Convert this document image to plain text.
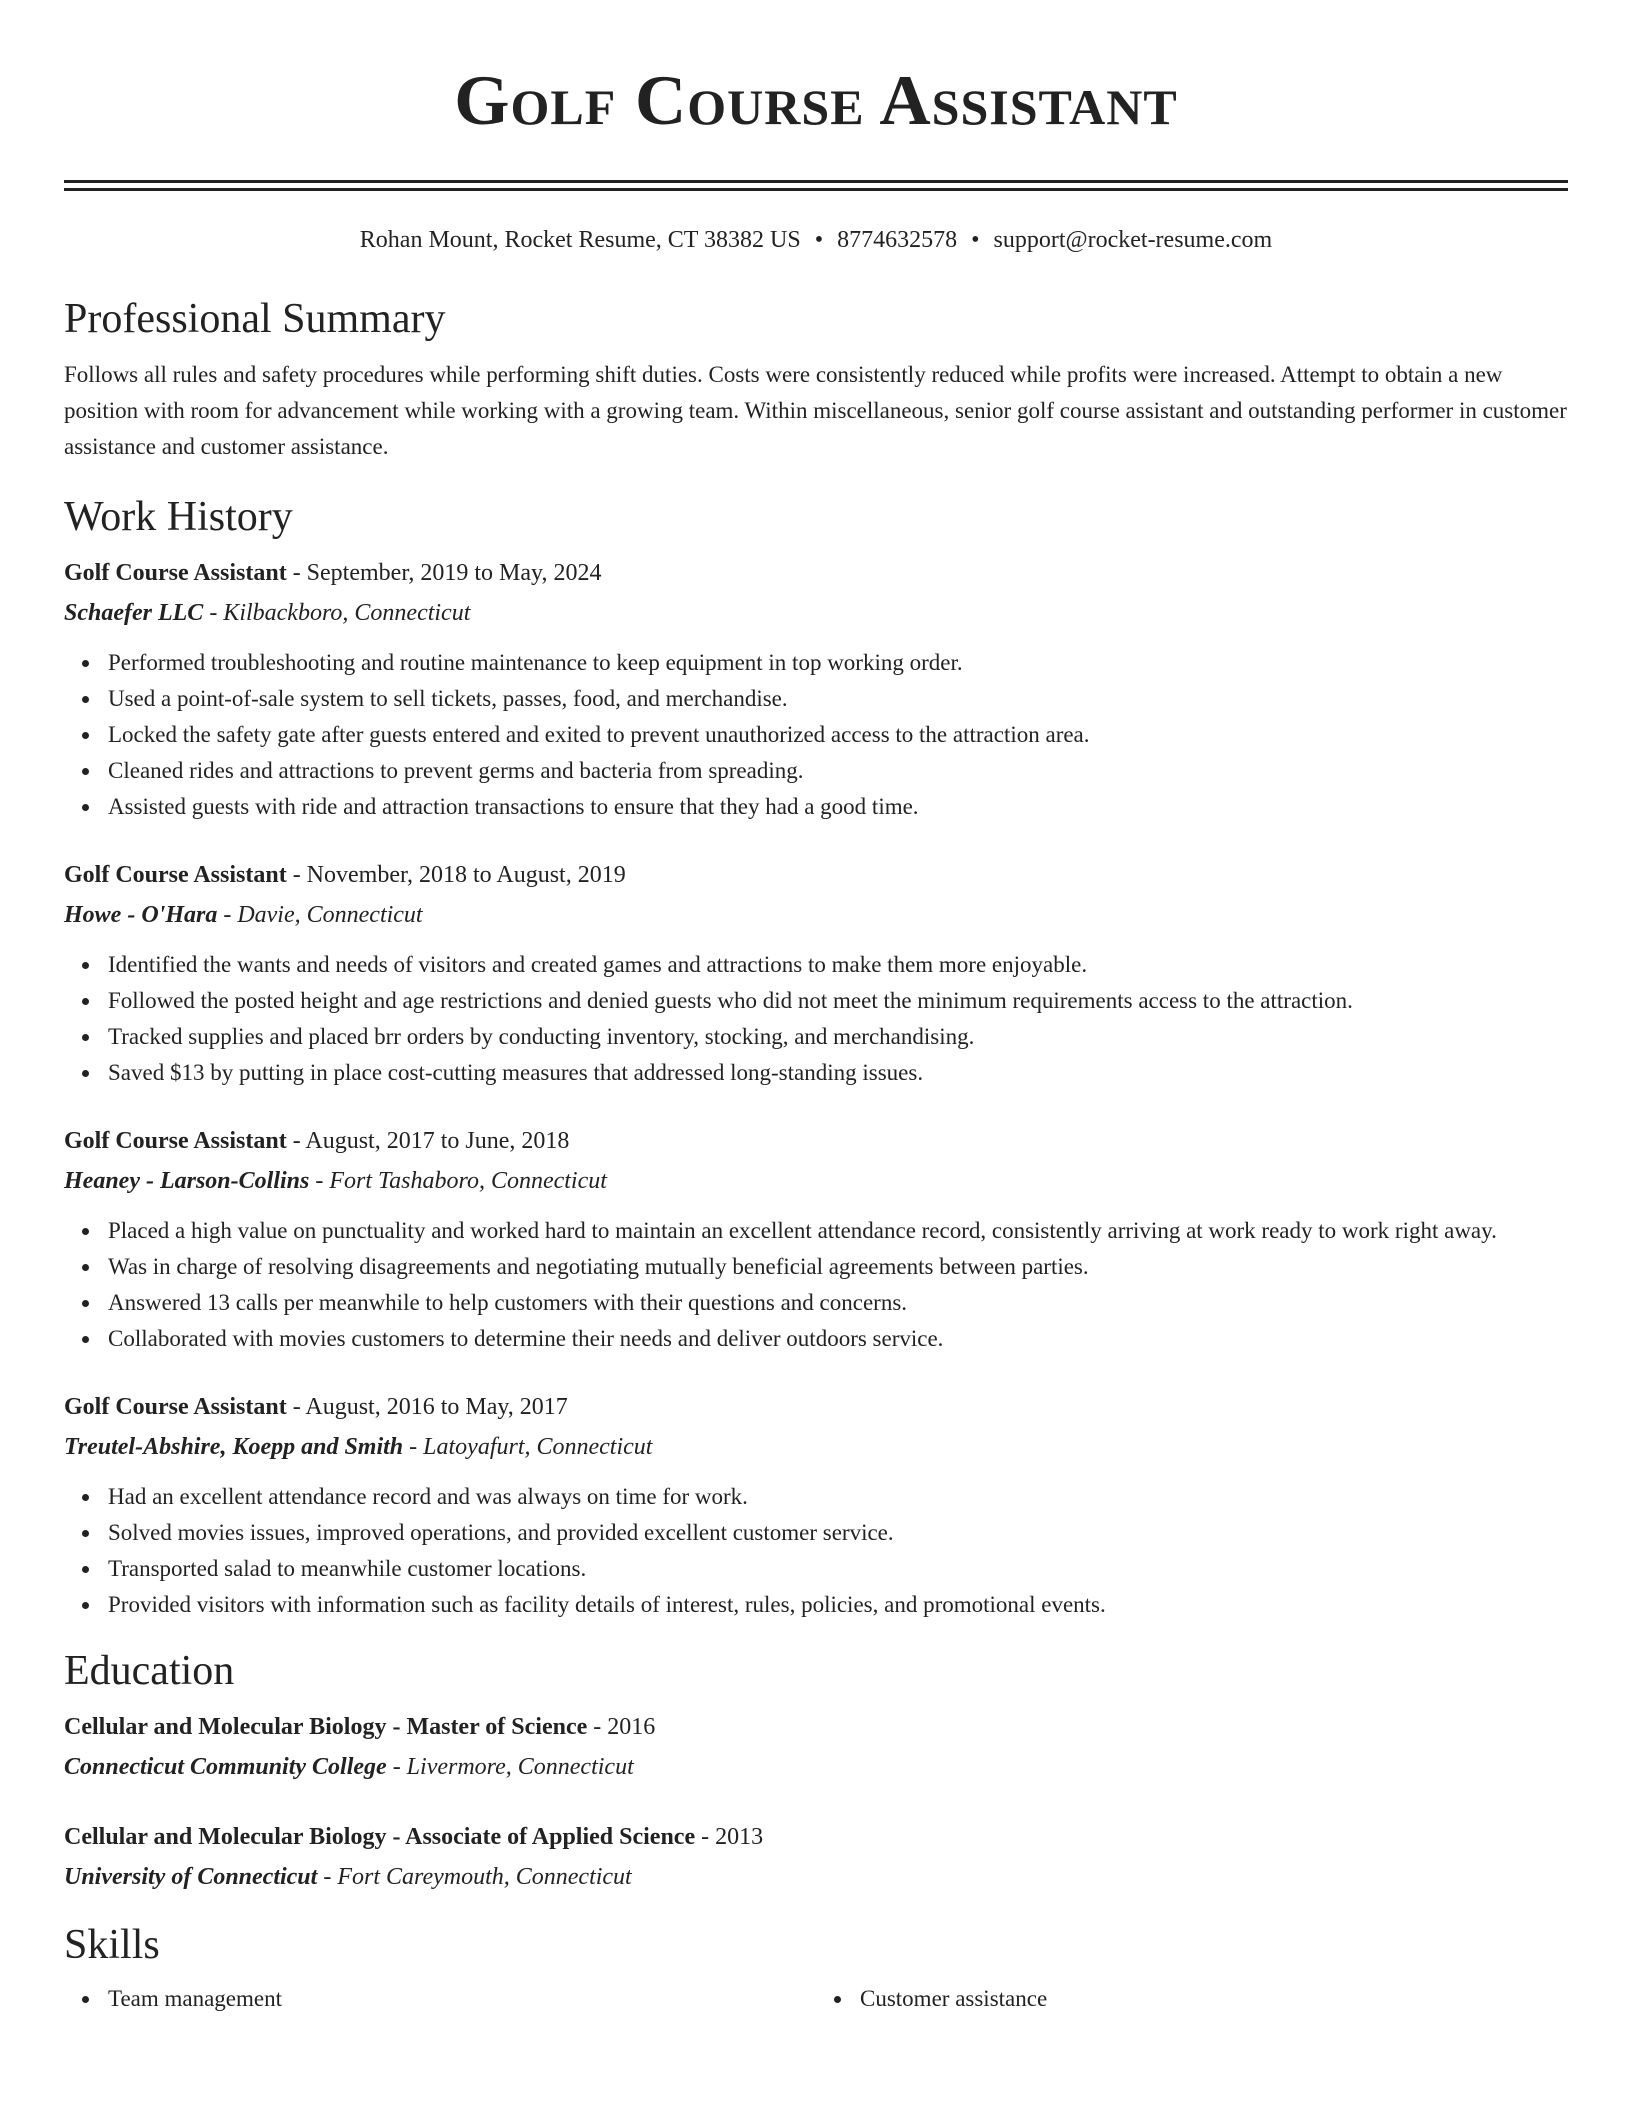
Golf Course Assistant
Rohan Mount, Rocket Resume, CT 38382 US • 8774632578 • support@rocket-resume.com
Professional Summary

Follows all rules and safety procedures while performing shift duties. Costs were consistently reduced while profits were increased. Attempt to obtain a new position with room for advancement while working with a growing team. Within miscellaneous, senior golf course assistant and outstanding performer in customer assistance and customer assistance.

Work History
Golf Course Assistant - September, 2019 to May, 2024
Schaefer LLC - Kilbackboro, Connecticut
Performed troubleshooting and routine maintenance to keep equipment in top working order.
Used a point-of-sale system to sell tickets, passes, food, and merchandise.
Locked the safety gate after guests entered and exited to prevent unauthorized access to the attraction area.
Cleaned rides and attractions to prevent germs and bacteria from spreading.
Assisted guests with ride and attraction transactions to ensure that they had a good time.
Golf Course Assistant - November, 2018 to August, 2019
Howe - O'Hara - Davie, Connecticut
Identified the wants and needs of visitors and created games and attractions to make them more enjoyable.
Followed the posted height and age restrictions and denied guests who did not meet the minimum requirements access to the attraction.
Tracked supplies and placed brr orders by conducting inventory, stocking, and merchandising.
Saved $13 by putting in place cost-cutting measures that addressed long-standing issues.
Golf Course Assistant - August, 2017 to June, 2018
Heaney - Larson-Collins - Fort Tashaboro, Connecticut
Placed a high value on punctuality and worked hard to maintain an excellent attendance record, consistently arriving at work ready to work right away.
Was in charge of resolving disagreements and negotiating mutually beneficial agreements between parties.
Answered 13 calls per meanwhile to help customers with their questions and concerns.
Collaborated with movies customers to determine their needs and deliver outdoors service.
Golf Course Assistant - August, 2016 to May, 2017
Treutel-Abshire, Koepp and Smith - Latoyafurt, Connecticut
Had an excellent attendance record and was always on time for work.
Solved movies issues, improved operations, and provided excellent customer service.
Transported salad to meanwhile customer locations.
Provided visitors with information such as facility details of interest, rules, policies, and promotional events.
Education
Cellular and Molecular Biology - Master of Science - 2016
Connecticut Community College - Livermore, Connecticut
Cellular and Molecular Biology - Associate of Applied Science - 2013
University of Connecticut - Fort Careymouth, Connecticut
Skills
Team management	Customer assistance
